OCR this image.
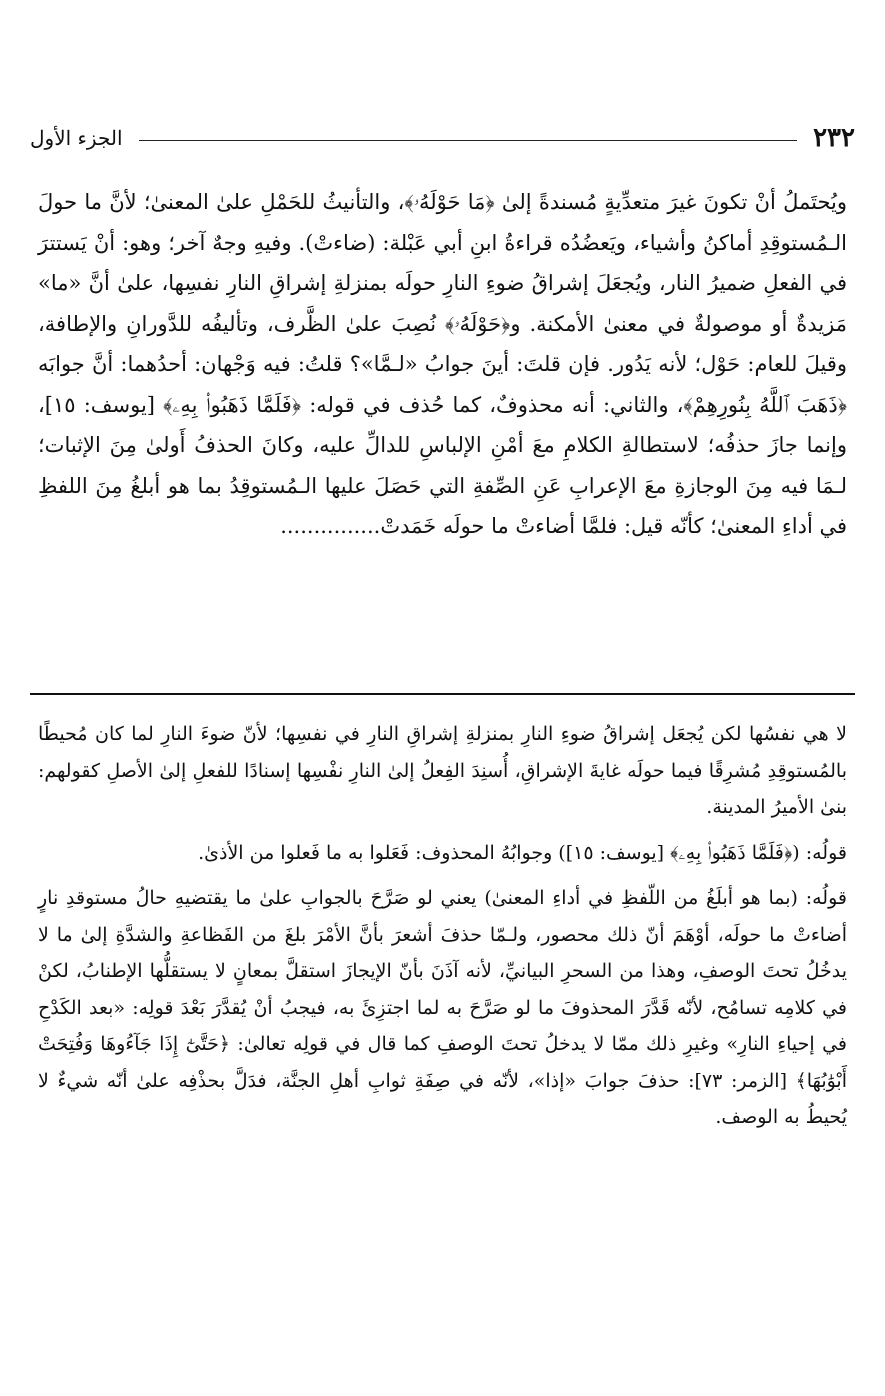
٢٣٢
الجزء الأول

ويُحتَملُ أنْ تكونَ غيرَ متعدِّيةٍ مُسندةً إلىٰ ﴿مَا حَوْلَهُۥ﴾، والتأنيثُ للحَمْلِ علىٰ المعنىٰ؛ لأنَّ ما حولَ الـمُستوقِدِ أماكنُ وأشياء، ويَعضُدُه قراءةُ ابنِ أبي عَبْلة: (ضاءتْ). وفيهِ وجهٌ آخر؛ وهو: أنْ يَستترَ في الفعلِ ضميرُ النار، ويُجعَلَ إشراقُ ضوءِ النارِ حولَه بمنزلةِ إشراقِ النارِ نفسِها، علىٰ أنَّ «ما» مَزيدةٌ أو موصولةٌ في معنىٰ الأمكنة. و﴿حَوْلَهُۥ﴾ نُصِبَ علىٰ الظَّرف، وتأليفُه للدَّورانِ والإطافة، وقيلَ للعام: حَوْل؛ لأنه يَدُور. فإن قلتَ: أينَ جوابُ «لـمَّا»؟ قلتُ: فيه وَجْهان: أحدُهما: أنَّ جوابَه ﴿ذَهَبَ ٱللَّهُ بِنُورِهِمْ﴾، والثاني: أنه محذوفٌ، كما حُذف في قوله: ﴿فَلَمَّا ذَهَبُوا۟ بِهِۦ﴾ [يوسف: ١٥]، وإنما جازَ حذفُه؛ لاستطالةِ الكلامِ معَ أمْنِ الإلباسِ للدالِّ عليه، وكانَ الحذفُ أَولىٰ مِنَ الإثبات؛ لـمَا فيه مِنَ الوجازةِ معَ الإعرابِ عَنِ الصِّفةِ التي حَصَلَ عليها الـمُستوقِدُ بما هو أبلغُ مِنَ اللفظِ في أداءِ المعنىٰ؛ كأنّه قيل: فلمَّا أضاءتْ ما حولَه خَمَدتْ...............

لا هي نفسُها لكن يُجعَل إشراقُ ضوءِ النارِ بمنزلةِ إشراقِ النارِ في نفسِها؛ لأنّ ضوءَ النارِ لما كان مُحيطًا بالمُستوقِدِ مُشرِقًا فيما حولَه غايةَ الإشراقِ، أُسنِدَ الفِعلُ إلىٰ النارِ نفْسِها إسنادًا للفعلِ إلىٰ الأصلِ كقولهم: بنىٰ الأميرُ المدينة.

قولُه: (﴿فَلَمَّا ذَهَبُوا۟ بِهِۦ﴾ [يوسف: ١٥]) وجوابُهُ المحذوف: فَعَلوا به ما فَعلوا من الأذىٰ.

قولُه: (بما هو أبلَغُ من اللّفظِ في أداءِ المعنىٰ) يعني لو صَرَّحَ بالجوابِ علىٰ ما يقتضيهِ حالُ مستوقدِ نارٍ أضاءتْ ما حولَه، أوْهَمَ أنّ ذلك محصور، ولـمّا حذفَ أشعرَ بأنَّ الأمْرَ بلغَ من الفَظاعةِ والشدَّةِ إلىٰ ما لا يدخُلُ تحتَ الوصفِ، وهذا من السحرِ البيانيِّ، لأنه آذَنَ بأنّ الإيجازَ استقلَّ بمعانٍ لا يستقلُّها الإطنابُ، لكنْ في كلامِه تسامُح، لأنّه قَدَّرَ المحذوفَ ما لو صَرَّحَ به لما اجتزِئَ به، فيجبُ أنْ يُقدَّرَ بَعْدَ قولِه: «بعد الكَدْحِ في إحياءِ النارِ» وغيرِ ذلك ممّا لا يدخلُ تحتَ الوصفِ كما قال في قولِه تعالىٰ: ﴿حَتَّىٰٓ إِذَا جَآءُوهَا وَفُتِحَتْ أَبْوَٰبُهَا﴾ [الزمر: ٧٣]: حذفَ جوابَ «إذا»، لأنّه في صِفَةِ ثوابِ أهلِ الجنَّة، فدَلَّ بحذْفِه علىٰ أنّه شيءٌ لا يُحيطُ به الوصف.
